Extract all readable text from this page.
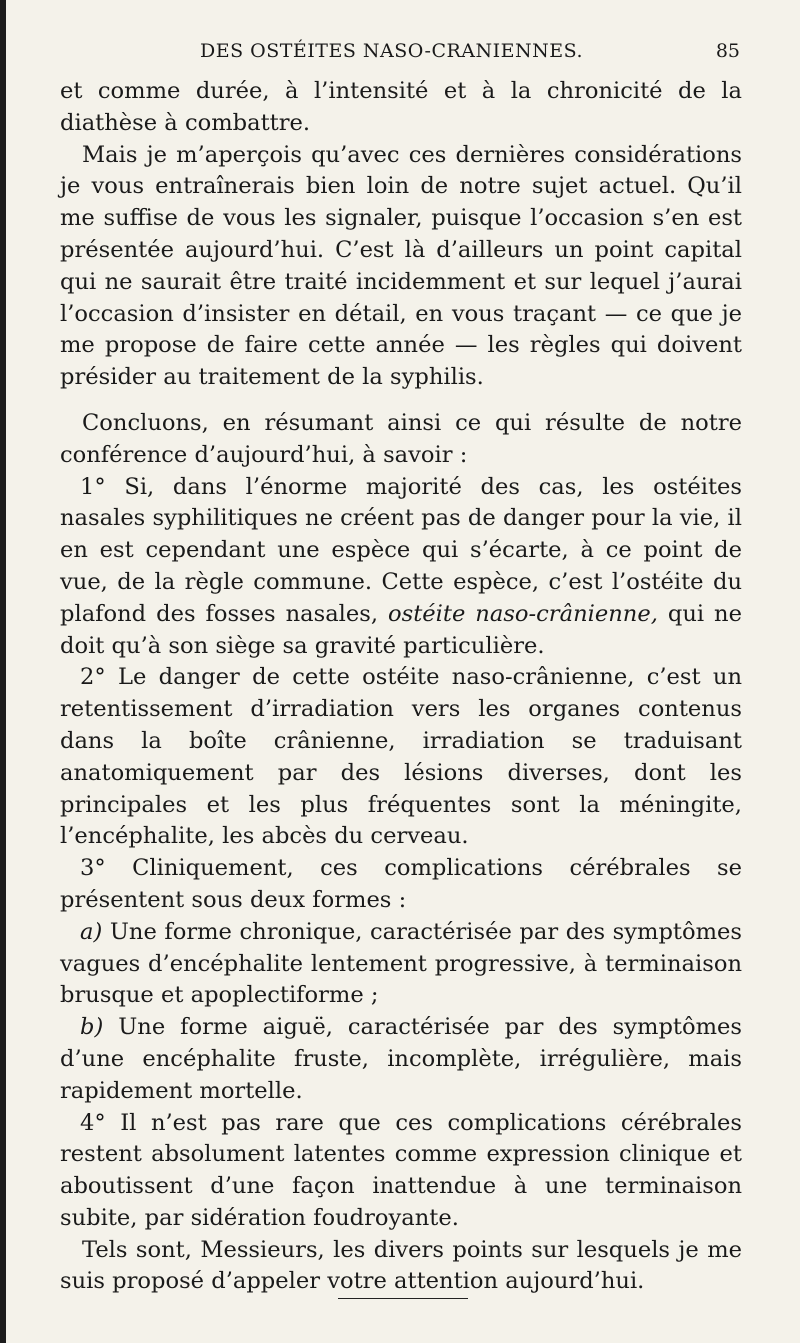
DES OSTÉITES NASO-CRANIENNES.	85

et comme durée, à l’intensité et à la chronicité de la diathèse à combattre.

Mais je m’aperçois qu’avec ces dernières considérations je vous entraînerais bien loin de notre sujet actuel. Qu’il me suffise de vous les signaler, puisque l’occasion s’en est présentée aujourd’hui. C’est là d’ailleurs un point capital qui ne saurait être traité incidemment et sur lequel j’aurai l’occasion d’insister en détail, en vous traçant — ce que je me propose de faire cette année — les règles qui doivent présider au traitement de la syphilis.

Concluons, en résumant ainsi ce qui résulte de notre conférence d’aujourd’hui, à savoir :

1° Si, dans l’énorme majorité des cas, les ostéites nasales syphilitiques ne créent pas de danger pour la vie, il en est cependant une espèce qui s’écarte, à ce point de vue, de la règle commune. Cette espèce, c’est l’ostéite du plafond des fosses nasales, ostéite naso-crânienne, qui ne doit qu’à son siège sa gravité particulière.

2° Le danger de cette ostéite naso-crânienne, c’est un retentissement d’irradiation vers les organes contenus dans la boîte crânienne, irradiation se traduisant anatomiquement par des lésions diverses, dont les principales et les plus fréquentes sont la méningite, l’encéphalite, les abcès du cerveau.

3° Cliniquement, ces complications cérébrales se présentent sous deux formes :

a) Une forme chronique, caractérisée par des symptômes vagues d’encéphalite lentement progressive, à terminaison brusque et apoplectiforme ;

b) Une forme aiguë, caractérisée par des symptômes d’une encéphalite fruste, incomplète, irrégulière, mais rapidement mortelle.

4° Il n’est pas rare que ces complications cérébrales restent absolument latentes comme expression clinique et aboutissent d’une façon inattendue à une terminaison subite, par sidération foudroyante.

Tels sont, Messieurs, les divers points sur lesquels je me suis proposé d’appeler votre attention aujourd’hui.
